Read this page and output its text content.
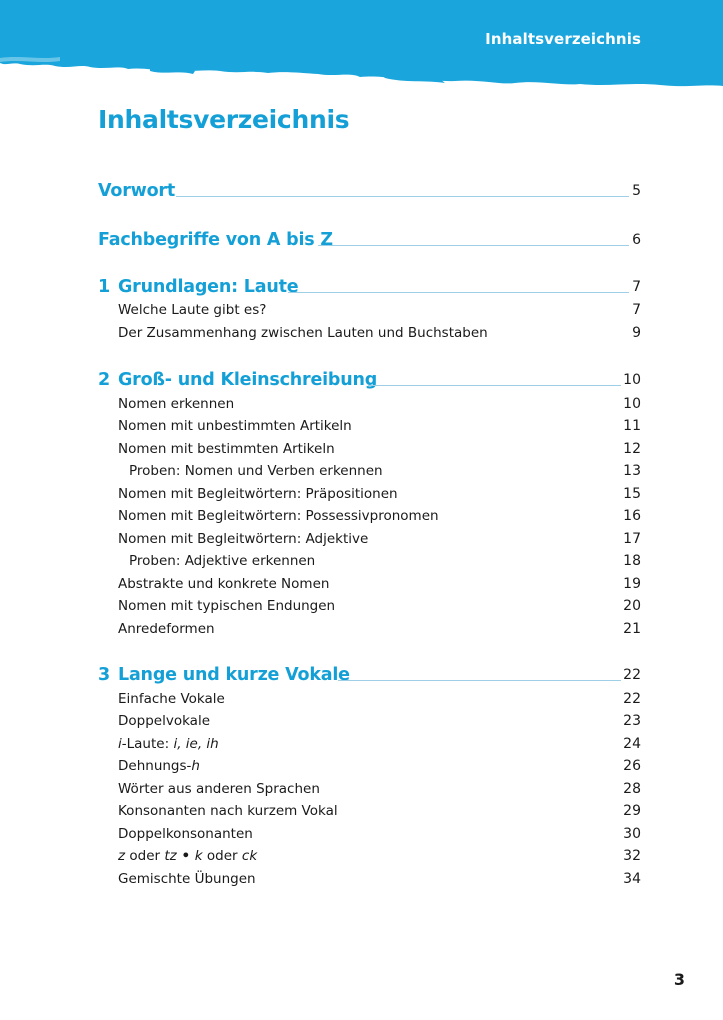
Inhaltsverzeichnis
Inhaltsverzeichnis
Vorwort	5
Fachbegriffe von A bis Z	6
1 Grundlagen: Laute	7
Welche Laute gibt es?	7
Der Zusammenhang zwischen Lauten und Buchstaben	9
2 Groß- und Kleinschreibung	10
Nomen erkennen	10
Nomen mit unbestimmten Artikeln	11
Nomen mit bestimmten Artikeln	12
Proben: Nomen und Verben erkennen	13
Nomen mit Begleitwörtern: Präpositionen	15
Nomen mit Begleitwörtern: Possessivpronomen	16
Nomen mit Begleitwörtern: Adjektive	17
Proben: Adjektive erkennen	18
Abstrakte und konkrete Nomen	19
Nomen mit typischen Endungen	20
Anredeformen	21
3 Lange und kurze Vokale	22
Einfache Vokale	22
Doppelvokale	23
i-Laute: i, ie, ih	24
Dehnungs-h	26
Wörter aus anderen Sprachen	28
Konsonanten nach kurzem Vokal	29
Doppelkonsonanten	30
z oder tz • k oder ck	32
Gemischte Übungen	34
3
